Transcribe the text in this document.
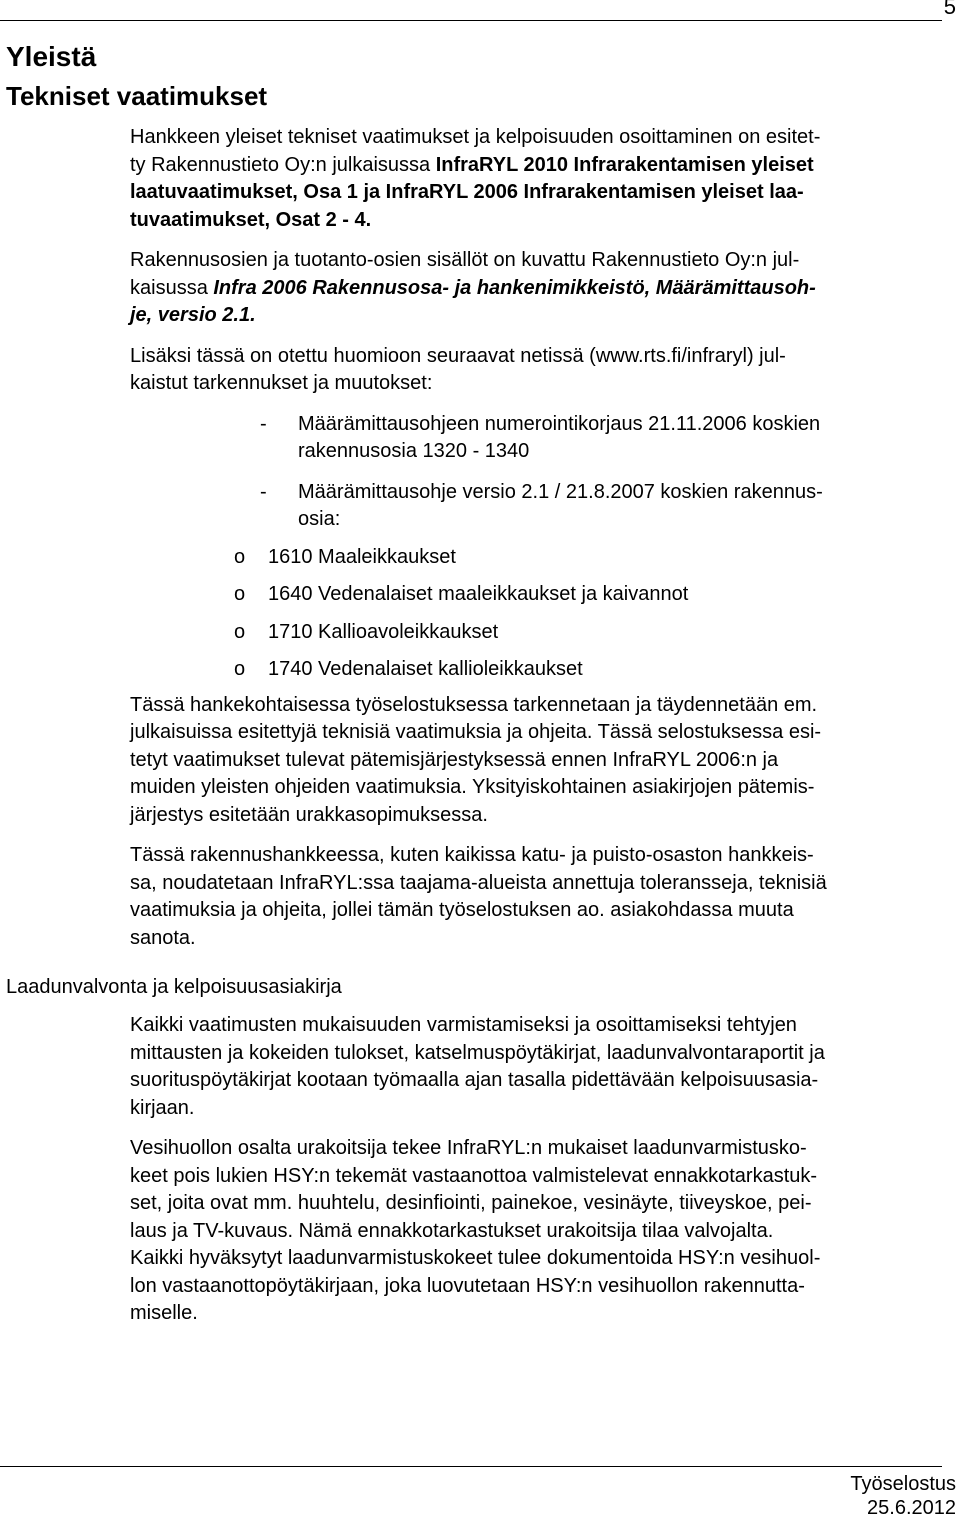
5
Yleistä
Tekniset vaatimukset

Hankkeen yleiset tekniset vaatimukset ja kelpoisuuden osoittaminen on esitet-
ty Rakennustieto Oy:n julkaisussa InfraRYL 2010 Infrarakentamisen yleiset

laatuvaatimukset, Osa 1 ja InfraRYL 2006 Infrarakentamisen yleiset laa-
tuvaatimukset, Osat 2 - 4.

Rakennusosien ja tuotanto-osien sisällöt on kuvattu Rakennustieto Oy:n jul-
kaisussa Infra 2006 Rakennusosa- ja hankenimikkeistö, Määrämittausoh-

je, versio 2.1.

Lisäksi tässä on otettu huomioon seuraavat netissä (www.rts.fi/infraryl) jul-
kaistut tarkennukset ja muutokset:

- Määrämittausohjeen numerointikorjaus 21.11.2006 koskien
rakennusosia 1320 - 1340
- Määrämittausohje versio 2.1 / 21.8.2007 koskien rakennus-
osia:
o 1610 Maaleikkaukset
o 1640 Vedenalaiset maaleikkaukset ja kaivannot
o 1710 Kallioavoleikkaukset
o 1740 Vedenalaiset kallioleikkaukset

Tässä hankekohtaisessa työselostuksessa tarkennetaan ja täydennetään em.
julkaisuissa esitettyjä teknisiä vaatimuksia ja ohjeita. Tässä selostuksessa esi-
tetyt vaatimukset tulevat pätemisjärjestyksessä ennen InfraRYL 2006:n ja
muiden yleisten ohjeiden vaatimuksia. Yksityiskohtainen asiakirjojen pätemis-
järjestys esitetään urakkasopimuksessa.

Tässä rakennushankkeessa, kuten kaikissa katu- ja puisto-osaston hankkeis-
sa, noudatetaan InfraRYL:ssa taajama-alueista annettuja toleransseja, teknisiä
vaatimuksia ja ohjeita, jollei tämän työselostuksen ao. asiakohdassa muuta
sanota.

Laadunvalvonta ja kelpoisuusasiakirja

Kaikki vaatimusten mukaisuuden varmistamiseksi ja osoittamiseksi tehtyjen
mittausten ja kokeiden tulokset, katselmuspöytäkirjat, laadunvalvontaraportit ja
suorituspöytäkirjat kootaan työmaalla ajan tasalla pidettävään kelpoisuusasia-
kirjaan.

Vesihuollon osalta urakoitsija tekee InfraRYL:n mukaiset laadunvarmistusko-
keet pois lukien HSY:n tekemät vastaanottoa valmistelevat ennakkotarkastuk-
set, joita ovat mm. huuhtelu, desinfiointi, painekoe, vesinäyte, tiiveyskoe, pei-
laus ja TV-kuvaus. Nämä ennakkotarkastukset urakoitsija tilaa valvojalta.
Kaikki hyväksytyt laadunvarmistuskokeet tulee dokumentoida HSY:n vesihuol-
lon vastaanottopöytäkirjaan, joka luovutetaan HSY:n vesihuollon rakennutta-
miselle.

Työselostus
25.6.2012
